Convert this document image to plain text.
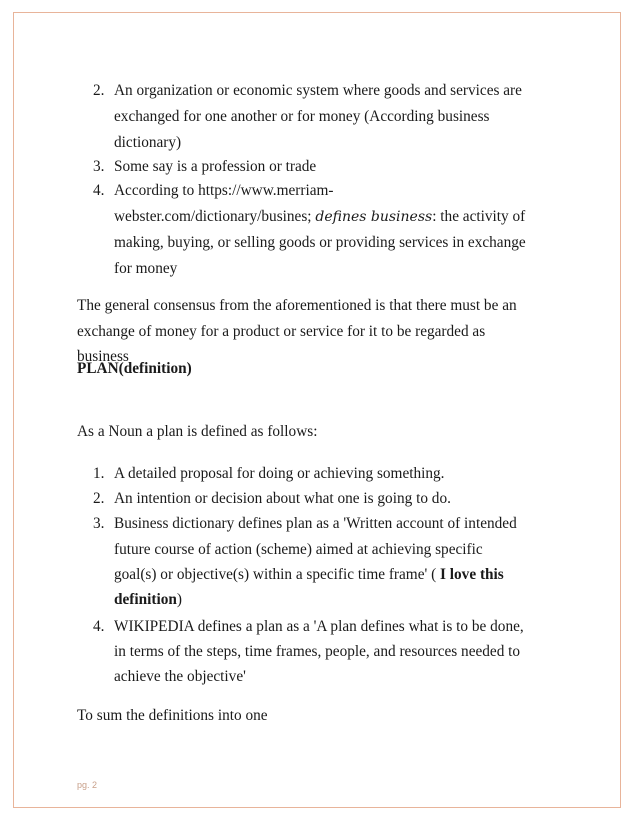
2. An organization or economic system where goods and services are
exchanged for one another or for money (According business
dictionary)
3. Some say is a profession or trade
4. According to https://www.merriam-
webster.com/dictionary/busines; defines business: the activity of
making, buying, or selling goods or providing services in exchange
for money
The general consensus from the aforementioned is that there must be an
exchange of money for a product or service for it to be regarded as
business
PLAN(definition)
As a Noun a plan is defined as follows:
1. A detailed proposal for doing or achieving something.
2. An intention or decision about what one is going to do.
3. Business dictionary defines plan as a 'Written account of intended
future course of action (scheme) aimed at achieving specific
goal(s) or objective(s) within a specific time frame' ( I love this
definition)
4. WIKIPEDIA defines a plan as a 'A plan defines what is to be done,
in terms of the steps, time frames, people, and resources needed to
achieve the objective'
To sum the definitions into one
pg. 2
